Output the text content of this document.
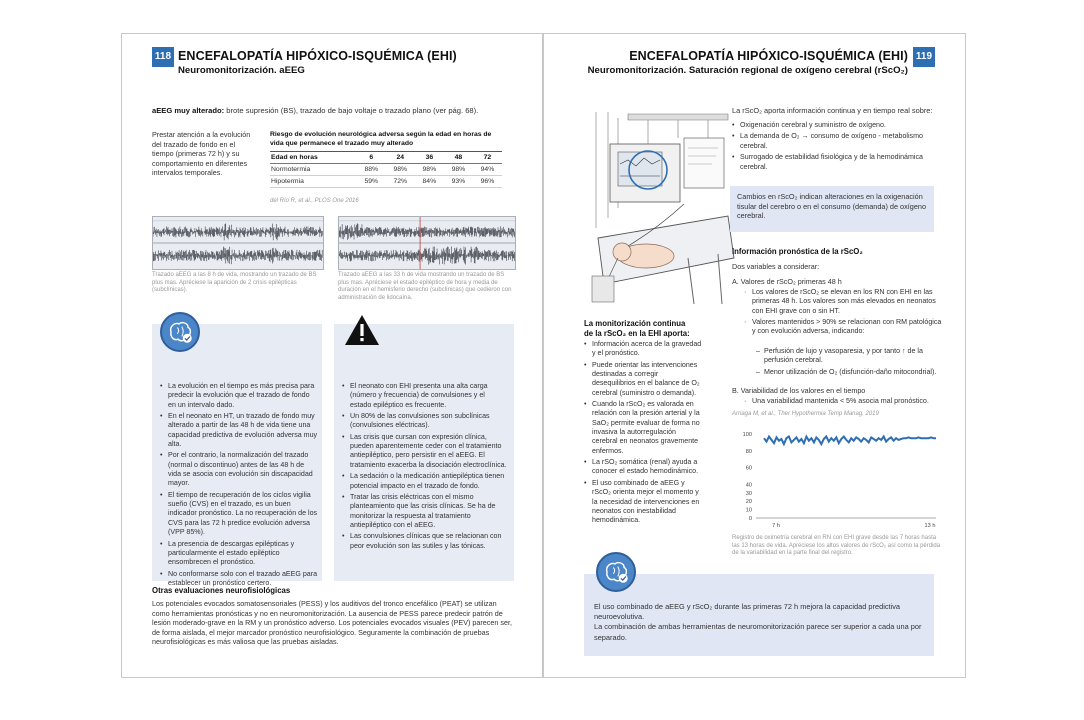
118 ENCEFALOPATÍA HIPÓXICO-ISQUÉMICA (EHI)
Neuromonitorización. aEEG
aEEG muy alterado: brote supresión (BS), trazado de bajo voltaje o trazado plano (ver pág. 68).
Prestar atención a la evolución del trazado de fondo en el tiempo (primeras 72 h) y su comportamiento en diferentes intervalos temporales.
Riesgo de evolución neurológica adversa según la edad en horas de vida que permanece el trazado muy alterado					
Edad en horas	6	24	36	48	72
Normotermia	88%	98%	98%	98%	94%
Hipotermia	59%	72%	84%	93%	96%
del Río R, et al., PLOS One 2016
Trazado aEEG a las 8 h de vida, mostrando un trazado de BS plus mas. Apréciese la aparición de 2 crisis epilépticas (subclínicas).
Trazado aEEG a las 33 h de vida mostrando un trazado de BS plus mas. Apréciese el estado epiléptico de hora y media de duración en el hemisferio derecho (subclínicas) que cedieron con administración de lidocaína.
• La evolución en el tiempo es más precisa para predecir la evolución que el trazado de fondo en un intervalo dado.
• En el neonato en HT, un trazado de fondo muy alterado a partir de las 48 h de vida tiene una capacidad predictiva de evolución adversa muy alta.
• Por el contrario, la normalización del trazado (normal o discontinuo) antes de las 48 h de vida se asocia con evolución sin discapacidad mayor.
• El tiempo de recuperación de los ciclos vigilia sueño (CVS) en el trazado, es un buen indicador pronóstico. La no recuperación de los CVS para las 72 h predice evolución adversa (VPP 85%).
• La presencia de descargas epilépticas y particularmente el estado epiléptico ensombrecen el pronóstico.
• No conformarse solo con el trazado aEEG para establecer un pronóstico certero.
• El neonato con EHI presenta una alta carga (número y frecuencia) de convulsiones y el estado epiléptico es frecuente.
• Un 80% de las convulsiones son subclínicas (convulsiones eléctricas).
• Las crisis que cursan con expresión clínica, pueden aparentemente ceder con el tratamiento antiepiléptico, pero persistir en el aEEG. El tratamiento exacerba la disociación electroclínica.
• La sedación o la medicación antiepiléptica tienen potencial impacto en el trazado de fondo.
• Tratar las crisis eléctricas con el mismo planteamiento que las crisis clínicas. Se ha de monitorizar la respuesta al tratamiento antiepiléptico con el aEEG.
• Las convulsiones clínicas que se relacionan con peor evolución son las sutiles y las tónicas.
Otras evaluaciones neurofisiológicas
Los potenciales evocados somatosensoriales (PESS) y los auditivos del tronco encefálico (PEAT) se utilizan como herramientas pronósticas y no en neuromonitorización. La ausencia de PESS parece predecir patrón de lesión moderado-grave en la RM y un pronóstico adverso. Los potenciales evocados visuales (PEV) parecen ser, de forma aislada, el mejor marcador pronóstico neurofisiológico. Seguramente la combinación de pruebas neurofisiológicas es más valiosa que las pruebas aisladas.
119
ENCEFALOPATÍA HIPÓXICO-ISQUÉMICA (EHI)
Neuromonitorización. Saturación regional de oxígeno cerebral (rScO₂)
La monitorización continua de la rScO₂ en la EHI aporta:
• Información acerca de la gravedad y el pronóstico.
• Puede orientar las intervenciones destinadas a corregir desequilibrios en el balance de O₂ cerebral (suministro o demanda).
• Cuando la rScO₂ es valorada en relación con la presión arterial y la SaO₂ permite evaluar de forma no invasiva la autorregulación cerebral en neonatos gravemente enfermos.
• La rSO₂ somática (renal) ayuda a conocer el estado hemodinámico.
• El uso combinado de aEEG y rScO₂ orienta mejor el momento y la necesidad de intervenciones en neonatos con inestabilidad hemodinámica.
La rScO₂ aporta información continua y en tiempo real sobre:
• Oxigenación cerebral y suministro de oxígeno.
• La demanda de O₂ → consumo de oxígeno - metabolismo cerebral.
• Surrogado de estabilidad fisiológica y de la hemodinámica cerebral.
Cambios en rScO₂ indican alteraciones en la oxigenación tisular del cerebro o en el consumo (demanda) de oxígeno cerebral.
Información pronóstica de la rScO₂
Dos variables a considerar:
A. Valores de rScO₂ primeras 48 h
· Los valores de rScO₂ se elevan en los RN con EHI en las primeras 48 h. Los valores son más elevados en neonatos con EHI grave con o sin HT.
· Valores mantenidos > 90% se relacionan con RM patológica y con evolución adversa, indicando:
– Perfusión de lujo y vasoparesia, y por tanto ↑ de la perfusión cerebral.
– Menor utilización de O₂ (disfunción-daño mitocondrial).
B. Variabilidad de los valores en el tiempo
· Una variabilidad mantenida < 5% asocia mal pronóstico.
Arriaga M, et al., Ther Hypothermia Temp Manag. 2019
0
10
20
30
40
60
80
100
7 h	13 h
Registro de oximetría cerebral en RN con EHI grave desde las 7 horas hasta las 13 horas de vida. Apréciese los altos valores de rScO₂ así como la pérdida de la variabilidad en la parte final del registro.
El uso combinado de aEEG y rScO₂ durante las primeras 72 h mejora la capacidad predictiva neuroevolutiva.
La combinación de ambas herramientas de neuromonitorización parece ser superior a cada una por separado.
